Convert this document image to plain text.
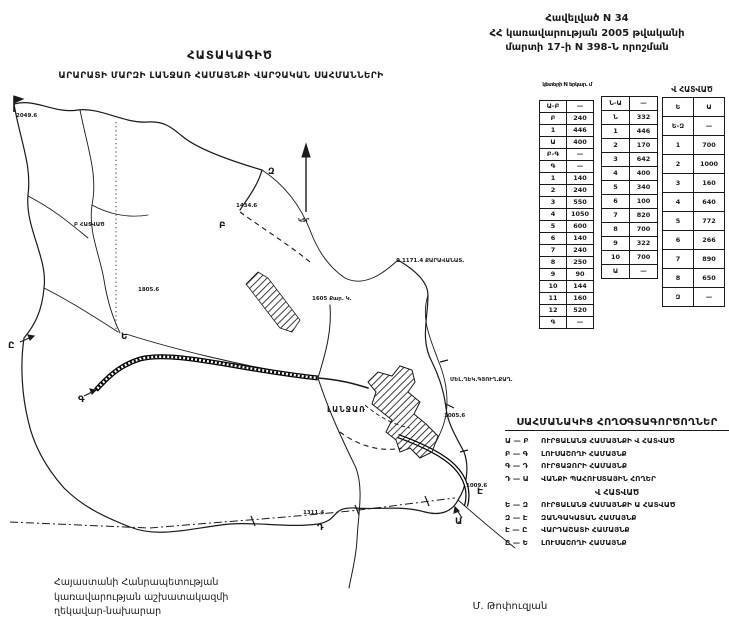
Զ
Բ
Ը
Ե
Գ
Դ
Ա
Է
2049.6
Բ ՀԱՏՎԱԾ
1434.6
1805.6
Զ 1171.4 ՔԱՐԱՎԱՆԱՏ.
1605 Քար. Կ.
ՄԵԼ.ՂԵԿ.ԳՅՈՒՂ.ՔԱՂ.
1005.6
ԼԱՆՋԱՌ
1311.4
1009.6
ԿՏՐ
Հավելված N 34
ՀՀ կառավարության 2005 թվականի
մարտի 17-ի N 398-Ն որոշման
ՀԱՏԱԿԱԳԻԾ
ԱՐԱՐԱՏԻ ՄԱՐԶԻ ԼԱՆՋԱՌ ՀԱՄԱՅՆՔԻ ՎԱՐՉԱԿԱՆ ՍԱՀՄԱՆՆԵՐԻ
կետերի N երկար. մ
Ա-Բ	—
Բ	240
1	446
Ա	400
Բ-Գ	—
Գ	—
1	140
2	240
3	550
4	1050
5	600
6	140
7	240
8	250
9	90
10	144
11	160
12	520
Գ	—
Ն-Ա	—
Ն	332
1	446
2	170
3	642
4	400
5	340
6	100
7	820
8	700
9	322
10	700
Ա	—
Վ ՀԱՏՎԱԾ
Ե	Ա
Ե-Զ	—
1	700
2	1000
3	160
4	640
5	772
6	266
7	890
8	650
Զ	—
ՍԱՀՄԱՆԱԿԻՑ ՀՈՂՕԳՏԱԳՈՐԾՈՂՆԵՐ
Ա — Բ ՈՒՐՑԱԼԱՆՋ ՀԱՄԱՅՆՔԻ Վ ՀԱՏՎԱԾ
Բ — Գ ԼՈՒՍԱՇՈՂԻ ՀԱՄԱՅՆՔ
Գ — Դ ՈՒՐՑԱՁՈՐԻ ՀԱՄԱՅՆՔ
Դ — Ա ՎԱՆՔԻ ՊԱՀՈՒՍՏԱՅԻՆ ՀՈՂԵՐ
Վ ՀԱՏՎԱԾ
Ե — Զ ՈՒՐՑԱԼԱՆՋ ՀԱՄԱՅՆՔԻ Ա ՀԱՏՎԱԾ
Զ — Է ԶԱՆԳԱԿԱՏԱՆ ՀԱՄԱՅՆՔ
Է — Ը ՎԱՐԴԱՇԱՏԻ ՀԱՄԱՅՆՔ
Ը — Ե ԼՈՒՍԱՇՈՂԻ ՀԱՄԱՅՆՔ
Հայաստանի Հանրապետության
կառավարության աշխատակազմի
ղեկավար-նախարար	Մ. Թոփուզյան
